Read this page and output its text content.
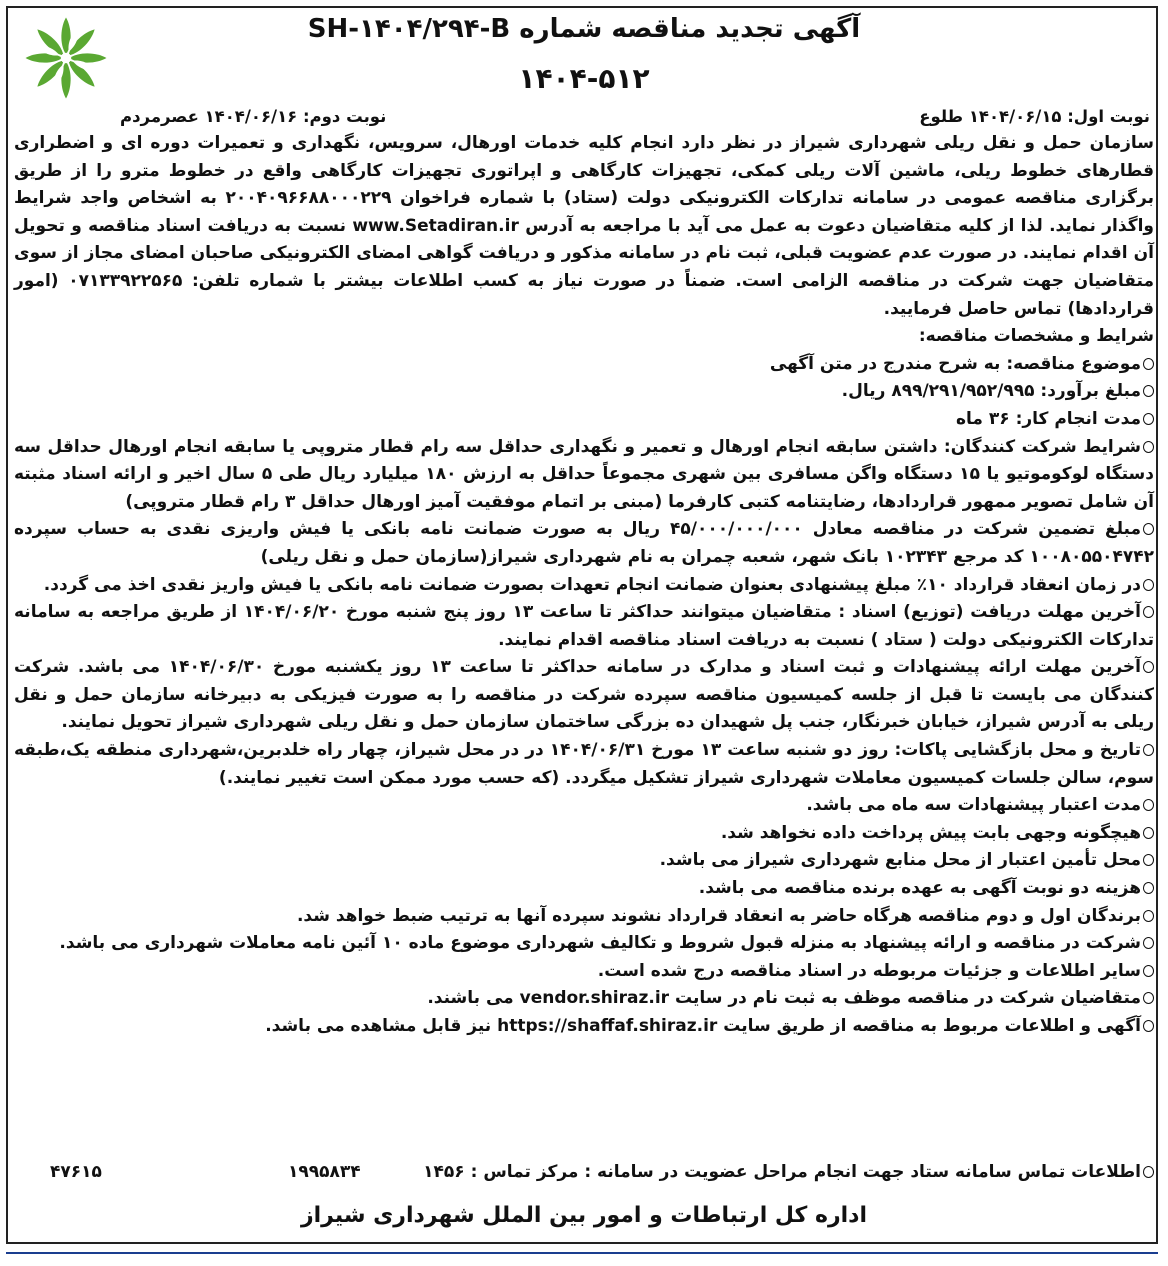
آگهی تجدید مناقصه شماره SH-۱۴۰۴/۲۹۴-B
۱۴۰۴-۵۱۲
نوبت اول: ۱۴۰۴/۰۶/۱۵ طلوع
نوبت دوم: ۱۴۰۴/۰۶/۱۶ عصرمردم

سازمان حمل و نقل ریلی شهرداری شیراز در نظر دارد انجام کلیه خدمات اورهال، سرویس، نگهداری و تعمیرات دوره ای و اضطراری قطارهای خطوط ریلی، ماشین آلات ریلی کمکی، تجهیزات کارگاهی و اپراتوری تجهیزات کارگاهی واقع در خطوط مترو را از طریق برگزاری مناقصه عمومی در سامانه تدارکات الکترونیکی دولت (ستاد) با شماره فراخوان ۲۰۰۴۰۹۶۶۸۸۰۰۰۲۲۹ به اشخاص واجد شرایط واگذار نماید. لذا از کلیه متقاضیان دعوت به عمل می آید با مراجعه به آدرس www.Setadiran.ir نسبت به دریافت اسناد مناقصه و تحویل آن اقدام نمایند. در صورت عدم عضویت قبلی، ثبت نام در سامانه مذکور و دریافت گواهی امضای الکترونیکی صاحبان امضای مجاز از سوی متقاضیان جهت شرکت در مناقصه الزامی است. ضمناً در صورت نیاز به کسب اطلاعات بیشتر با شماره تلفن: ۰۷۱۳۳۹۲۲۵۶۵ (امور قراردادها) تماس حاصل فرمایید.

شرایط و مشخصات مناقصه:

موضوع مناقصه: به شرح مندرج در متن آگهی

مبلغ برآورد: ۸۹۹/۲۹۱/۹۵۲/۹۹۵ ریال.

مدت انجام کار: ۳۶ ماه

شرایط شرکت کنندگان: داشتن سابقه انجام اورهال و تعمیر و نگهداری حداقل سه رام قطار متروپی یا سابقه انجام اورهال حداقل سه دستگاه لوکوموتیو یا ۱۵ دستگاه واگن مسافری بین شهری مجموعاً حداقل به ارزش ۱۸۰ میلیارد ریال طی ۵ سال اخیر و ارائه اسناد مثبته آن شامل تصویر ممهور قراردادها، رضایتنامه کتبی کارفرما (مبنی بر اتمام موفقیت آمیز اورهال حداقل ۳ رام قطار متروپی)

مبلغ تضمین شرکت در مناقصه معادل ۴۵/۰۰۰/۰۰۰/۰۰۰ ریال به صورت ضمانت نامه بانکی یا فیش واریزی نقدی به حساب سپرده ۱۰۰۸۰۵۵۰۴۷۴۲ کد مرجع ۱۰۲۳۴۳ بانک شهر، شعبه چمران به نام شهرداری شیراز(سازمان حمل و نقل ریلی)

در زمان انعقاد قرارداد ۱۰٪ مبلغ پیشنهادی بعنوان ضمانت انجام تعهدات بصورت ضمانت نامه بانکی یا فیش واریز نقدی اخذ می گردد.

آخرین مهلت دریافت (توزیع) اسناد : متقاضیان میتوانند حداکثر تا ساعت ۱۳ روز پنج شنبه مورخ ۱۴۰۴/۰۶/۲۰ از طریق مراجعه به سامانه تدارکات الکترونیکی دولت ( ستاد ) نسبت به دریافت اسناد مناقصه اقدام نمایند.

آخرین مهلت ارائه پیشنهادات و ثبت اسناد و مدارک در سامانه حداکثر تا ساعت ۱۳ روز یکشنبه مورخ ۱۴۰۴/۰۶/۳۰ می باشد. شرکت کنندگان می بایست تا قبل از جلسه کمیسیون مناقصه سپرده شرکت در مناقصه را به صورت فیزیکی به دبیرخانه سازمان حمل و نقل ریلی به آدرس شیراز، خیابان خبرنگار، جنب پل شهیدان ده بزرگی ساختمان سازمان حمل و نقل ریلی شهرداری شیراز تحویل نمایند.

تاریخ و محل بازگشایی پاکات: روز دو شنبه ساعت ۱۳ مورخ ۱۴۰۴/۰۶/۳۱ در در محل شیراز، چهار راه خلدبرین،شهرداری منطقه یک،طبقه سوم، سالن جلسات کمیسیون معاملات شهرداری شیراز تشکیل میگردد. (که حسب مورد ممکن است تغییر نمایند.)

مدت اعتبار پیشنهادات سه ماه می باشد.

هیچگونه وجهی بابت پیش پرداخت داده نخواهد شد.

محل تأمین اعتبار از محل منابع شهرداری شیراز می باشد.

هزینه دو نوبت آگهی به عهده برنده مناقصه می باشد.

برندگان اول و دوم مناقصه هرگاه حاضر به انعقاد قرارداد نشوند سپرده آنها به ترتیب ضبط خواهد شد.

شرکت در مناقصه و ارائه پیشنهاد به منزله قبول شروط و تکالیف شهرداری موضوع ماده ۱۰ آئین نامه معاملات شهرداری می باشد.

سایر اطلاعات و جزئیات مربوطه در اسناد مناقصه درج شده است.

متقاضیان شرکت در مناقصه موظف به ثبت نام در سایت vendor.shiraz.ir می باشند.

آگهی و اطلاعات مربوط به مناقصه از طریق سایت https://shaffaf.shiraz.ir نیز قابل مشاهده می باشد.

اطلاعات تماس سامانه ستاد جهت انجام مراحل عضویت در سامانه : مرکز تماس : ۱۴۵۶
۱۹۹۵۸۳۴
۴۷۶۱۵
اداره کل ارتباطات و امور بین الملل شهرداری شیراز
